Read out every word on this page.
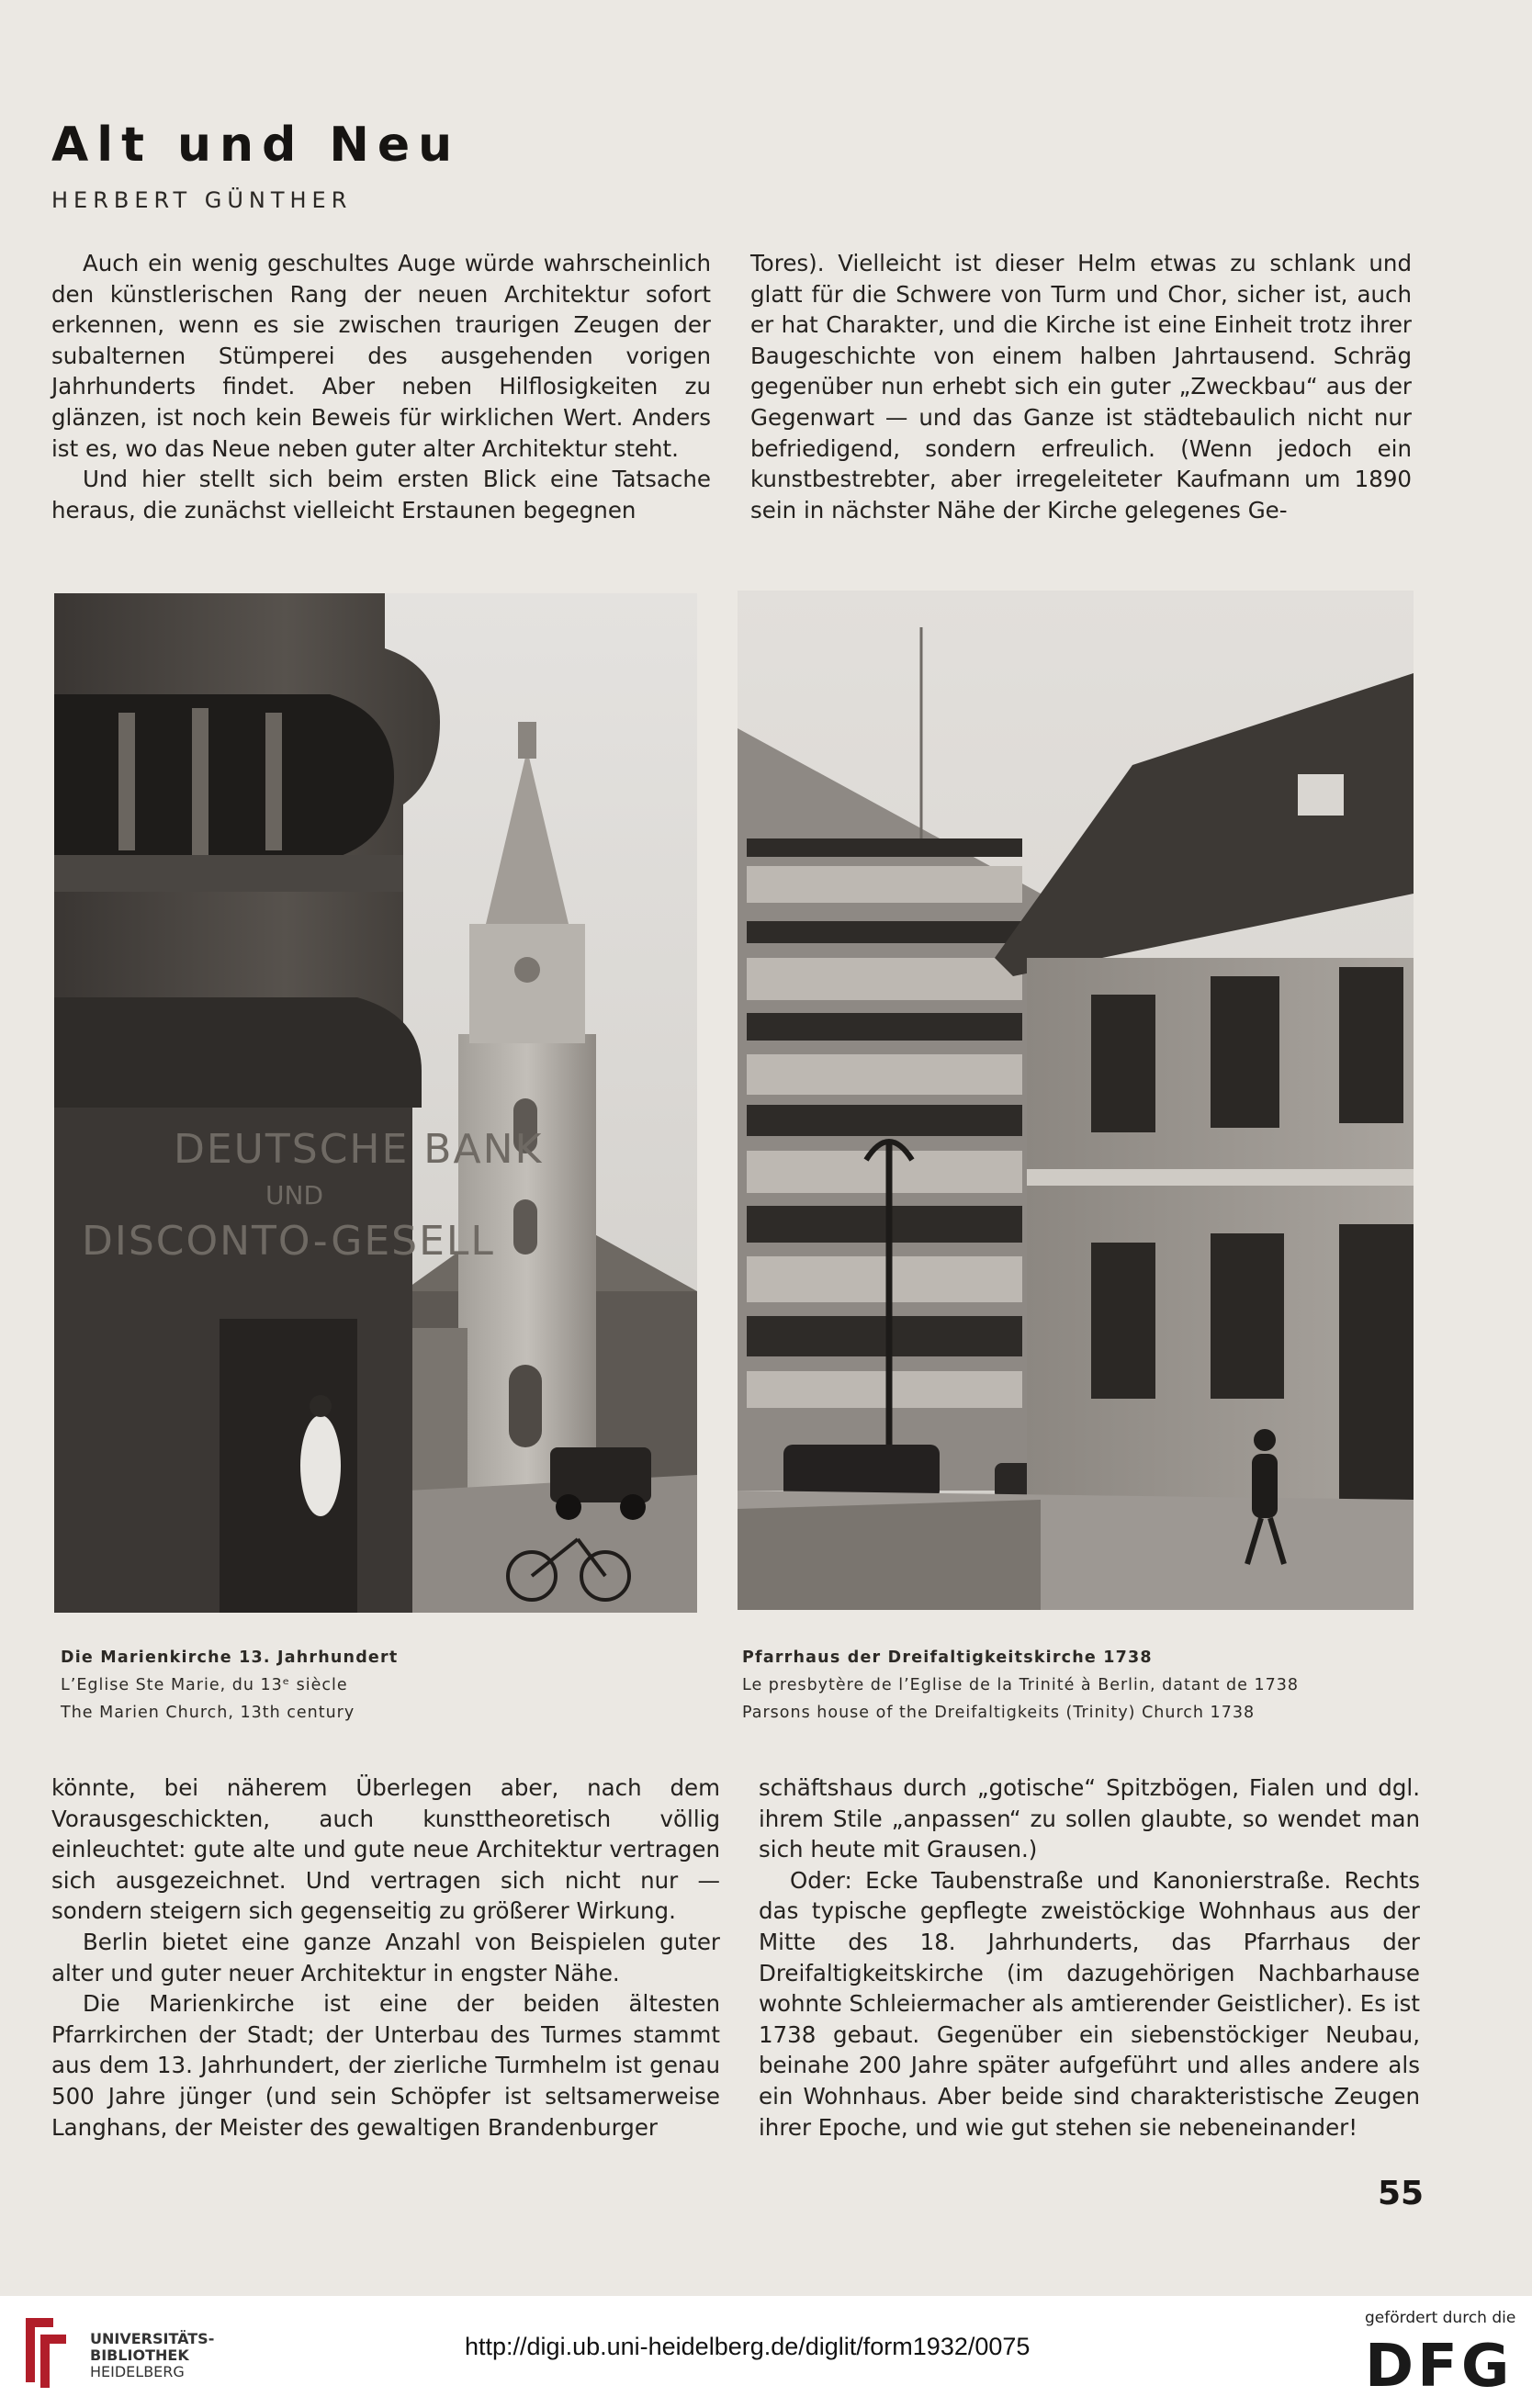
Alt und Neu
HERBERT GÜNTHER

Auch ein wenig geschultes Auge würde wahrscheinlich den künstlerischen Rang der neuen Architektur sofort erkennen, wenn es sie zwischen traurigen Zeugen der subalternen Stümperei des ausgehenden vorigen Jahrhunderts findet. Aber neben Hilflosigkeiten zu glänzen, ist noch kein Beweis für wirklichen Wert. Anders ist es, wo das Neue neben guter alter Architektur steht.

Und hier stellt sich beim ersten Blick eine Tatsache heraus, die zunächst vielleicht Erstaunen begegnen

Tores). Vielleicht ist dieser Helm etwas zu schlank und glatt für die Schwere von Turm und Chor, sicher ist, auch er hat Charakter, und die Kirche ist eine Einheit trotz ihrer Baugeschichte von einem halben Jahrtausend. Schräg gegenüber nun erhebt sich ein guter „Zweckbau“ aus der Gegenwart — und das Ganze ist städtebaulich nicht nur befriedigend, sondern erfreulich. (Wenn jedoch ein kunstbestrebter, aber irregeleiteter Kaufmann um 1890 sein in nächster Nähe der Kirche gelegenes Ge-

DEUTSCHE BANK
UND
DISCONTO-GESELL
Die Marienkirche 13. Jahrhundert
L’Eglise Ste Marie, du 13ᵉ siècle
The Marien Church, 13th century
Pfarrhaus der Dreifaltigkeitskirche 1738
Le presbytère de l’Eglise de la Trinité à Berlin, datant de 1738
Parsons house of the Dreifaltigkeits (Trinity) Church 1738

könnte, bei näherem Überlegen aber, nach dem Vorausgeschickten, auch kunsttheoretisch völlig einleuchtet: gute alte und gute neue Architektur vertragen sich ausgezeichnet. Und vertragen sich nicht nur — sondern steigern sich gegenseitig zu größerer Wirkung.

Berlin bietet eine ganze Anzahl von Beispielen guter alter und guter neuer Architektur in engster Nähe.

Die Marienkirche ist eine der beiden ältesten Pfarrkirchen der Stadt; der Unterbau des Turmes stammt aus dem 13. Jahrhundert, der zierliche Turmhelm ist genau 500 Jahre jünger (und sein Schöpfer ist seltsamerweise Langhans, der Meister des gewaltigen Brandenburger

schäftshaus durch „gotische“ Spitzbögen, Fialen und dgl. ihrem Stile „anpassen“ zu sollen glaubte, so wendet man sich heute mit Grausen.)

Oder: Ecke Taubenstraße und Kanonierstraße. Rechts das typische gepflegte zweistöckige Wohnhaus aus der Mitte des 18. Jahrhunderts, das Pfarrhaus der Dreifaltigkeitskirche (im dazugehörigen Nachbarhause wohnte Schleiermacher als amtierender Geistlicher). Es ist 1738 gebaut. Gegenüber ein siebenstöckiger Neubau, beinahe 200 Jahre später aufgeführt und alles andere als ein Wohnhaus. Aber beide sind charakteristische Zeugen ihrer Epoche, und wie gut stehen sie nebeneinander!

55
UNIVERSITÄTS-
BIBLIOTHEK
HEIDELBERG
http://digi.ub.uni-heidelberg.de/diglit/form1932/0075
gefördert durch die
DFG
